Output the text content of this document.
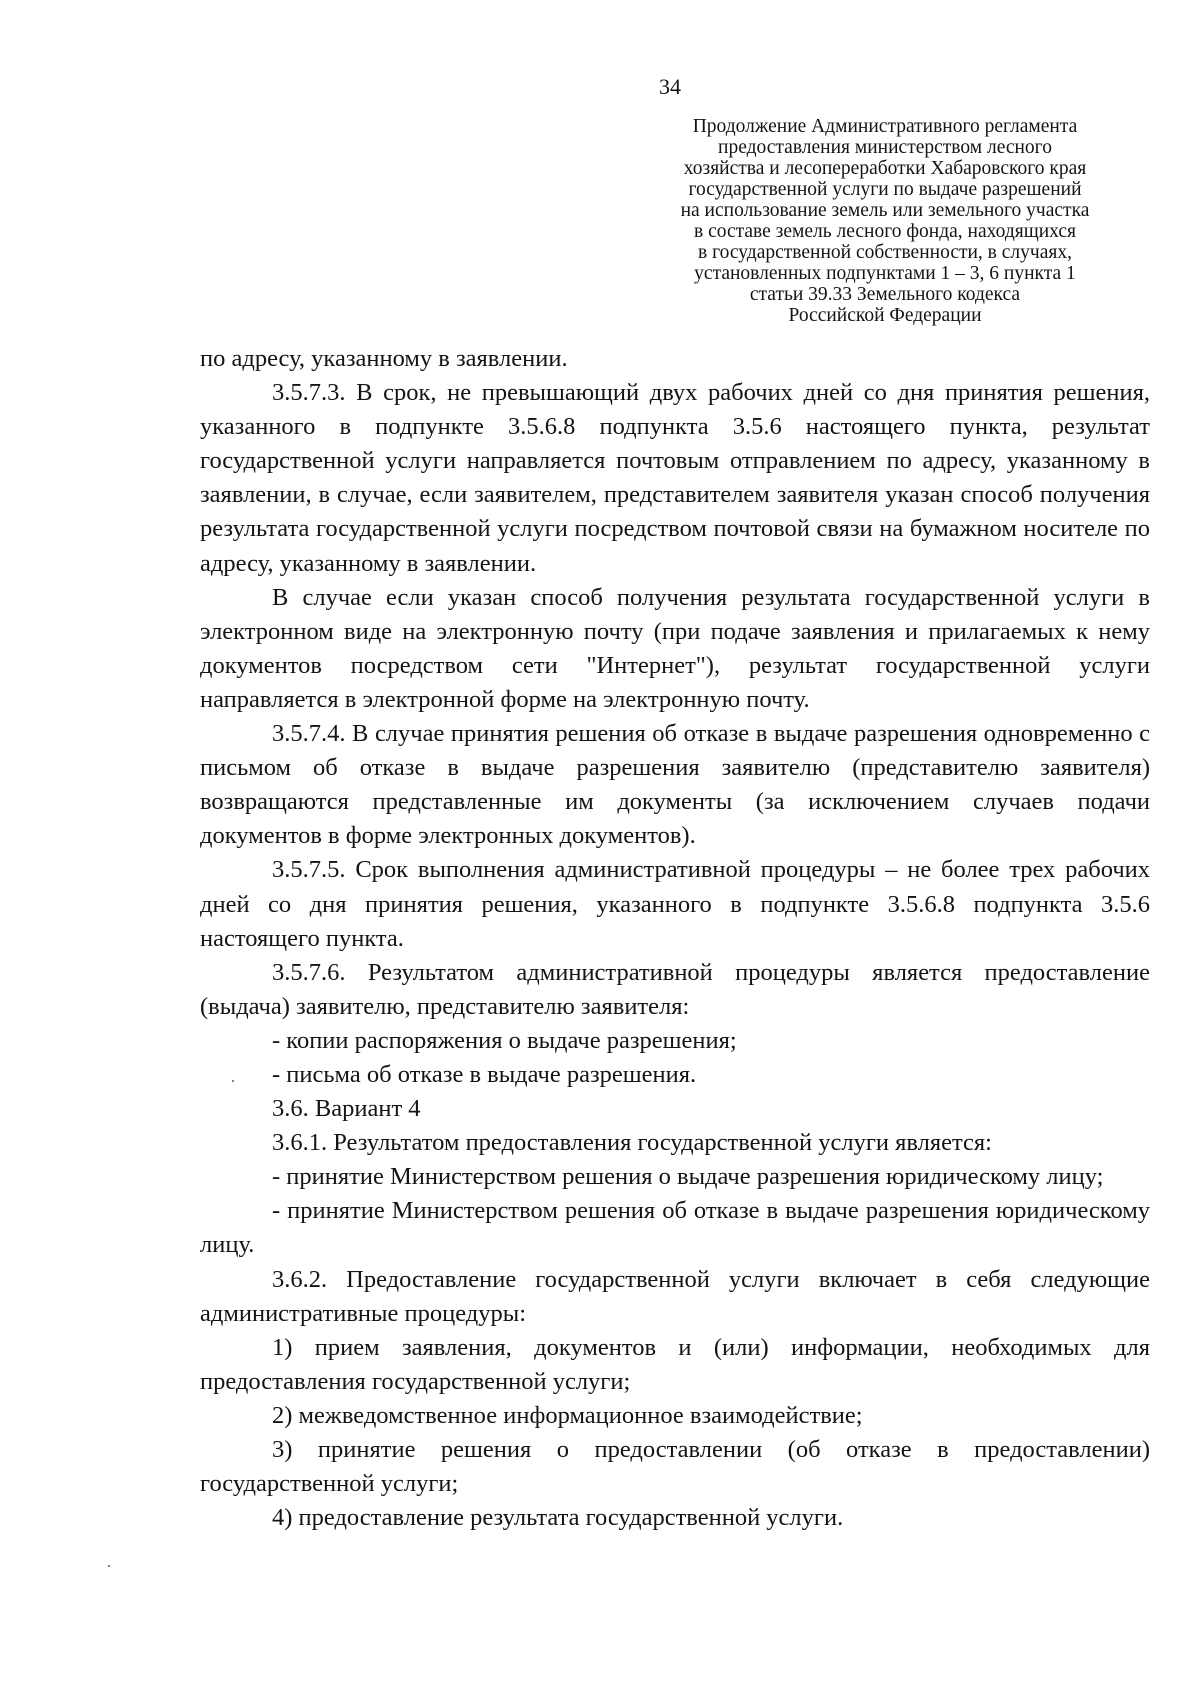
34
Продолжение Административного регламента
предоставления министерством лесного
хозяйства и лесопереработки Хабаровского края
государственной услуги по выдаче разрешений
на использование земель или земельного участка
в составе земель лесного фонда, находящихся
в государственной собственности, в случаях,
установленных подпунктами 1 – 3, 6 пункта 1
статьи 39.33 Земельного кодекса
Российской Федерации

по адресу, указанному в заявлении.

3.5.7.3. В срок, не превышающий двух рабочих дней со дня принятия решения, указанного в подпункте 3.5.6.8 подпункта 3.5.6 настоящего пункта, результат государственной услуги направляется почтовым отправлением по адресу, указанному в заявлении, в случае, если заявителем, представителем заявителя указан способ получения результата государственной услуги посредством почтовой связи на бумажном носителе по адресу, указанному в заявлении.

В случае если указан способ получения результата государственной услуги в электронном виде на электронную почту (при подаче заявления и прилагаемых к нему документов посредством сети "Интернет"), результат государственной услуги направляется в электронной форме на электронную почту.

3.5.7.4. В случае принятия решения об отказе в выдаче разрешения одновременно с письмом об отказе в выдаче разрешения заявителю (представителю заявителя) возвращаются представленные им документы (за исключением случаев подачи документов в форме электронных документов).

3.5.7.5. Срок выполнения административной процедуры – не более трех рабочих дней со дня принятия решения, указанного в подпункте 3.5.6.8 подпункта 3.5.6 настоящего пункта.

3.5.7.6. Результатом административной процедуры является предоставление (выдача) заявителю, представителю заявителя:

- копии распоряжения о выдаче разрешения;

- письма об отказе в выдаче разрешения.

3.6. Вариант 4

3.6.1. Результатом предоставления государственной услуги является:

- принятие Министерством решения о выдаче разрешения юридическому лицу;

- принятие Министерством решения об отказе в выдаче разрешения юридическому лицу.

3.6.2. Предоставление государственной услуги включает в себя следующие административные процедуры:

1) прием заявления, документов и (или) информации, необходимых для предоставления государственной услуги;

2) межведомственное информационное взаимодействие;

3) принятие решения о предоставлении (об отказе в предоставлении) государственной услуги;

4) предоставление результата государственной услуги.
